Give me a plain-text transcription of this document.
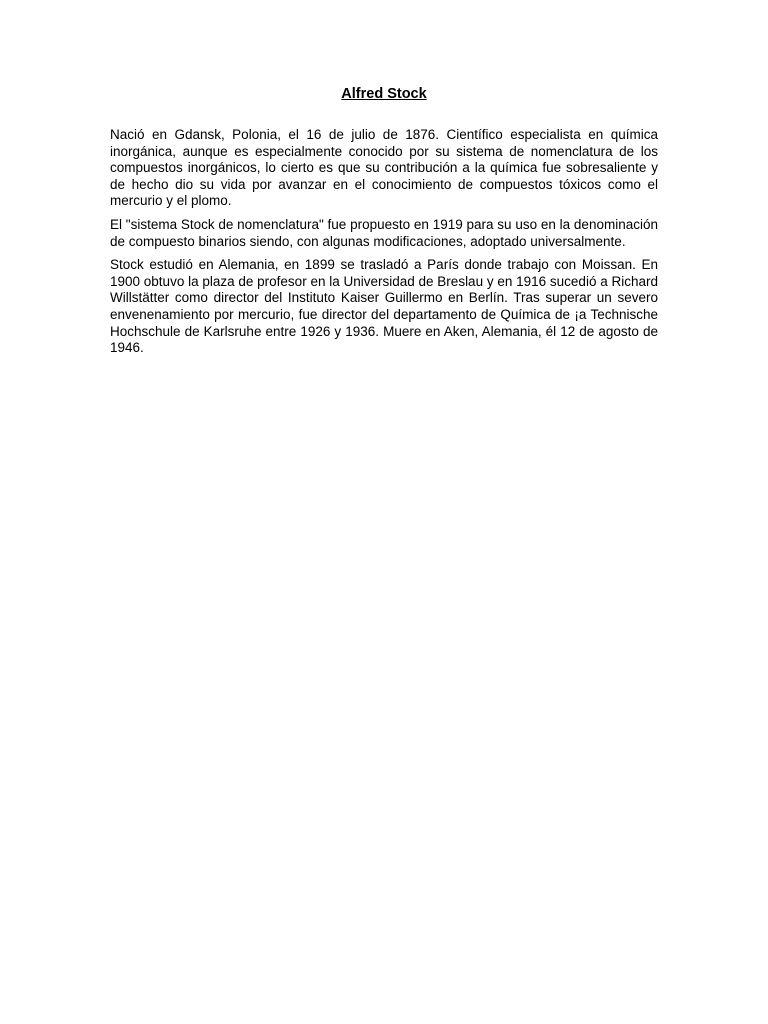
Alfred Stock

Nació en Gdansk, Polonia, el 16 de julio de 1876. Científico especialista en química inorgánica, aunque es especialmente conocido por su sistema de nomenclatura de los compuestos inorgánicos, lo cierto es que su contribución a la química fue sobresaliente y de hecho dio su vida por avanzar en el conocimiento de compuestos tóxicos como el mercurio y el plomo.

El "sistema Stock de nomenclatura" fue propuesto en 1919 para su uso en la denominación de compuesto binarios siendo, con algunas modificaciones, adoptado universalmente.

Stock estudió en Alemania, en 1899 se trasladó a París donde trabajo con Moissan. En 1900 obtuvo la plaza de profesor en la Universidad de Breslau y en 1916 sucedió a Richard Willstätter como director del Instituto Kaiser Guillermo en Berlín. Tras superar un severo envenenamiento por mercurio, fue director del departamento de Química de ¡a Technische Hochschule de Karlsruhe entre 1926 y 1936. Muere en Aken, Alemania, él 12 de agosto de 1946.
